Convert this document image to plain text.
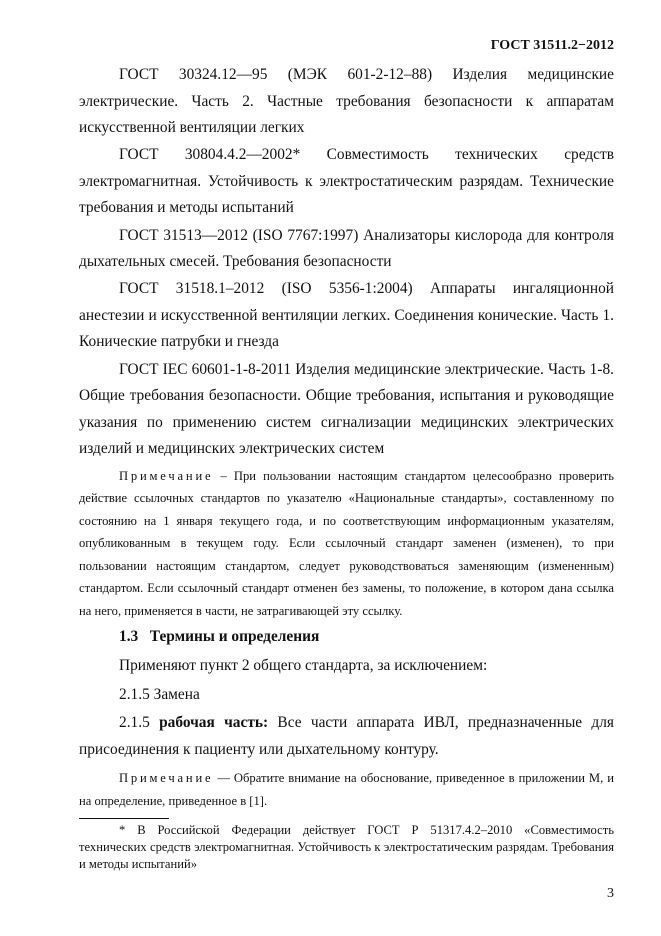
ГОСТ 31511.2−2012

ГОСТ 30324.12—95 (МЭК 601-2-12–88) Изделия медицинские электрические. Часть 2. Частные требования безопасности к аппаратам искусственной вентиляции легких

ГОСТ 30804.4.2—2002* Совместимость технических средств электромагнитная. Устойчивость к электростатическим разрядам. Технические требования и методы испытаний

ГОСТ 31513—2012 (ISO 7767:1997) Анализаторы кислорода для контроля дыхательных смесей. Требования безопасности

ГОСТ 31518.1–2012 (ISO 5356-1:2004) Аппараты ингаляционной анестезии и искусственной вентиляции легких. Соединения конические. Часть 1. Конические патрубки и гнезда

ГОСТ IEC 60601-1-8-2011 Изделия медицинские электрические. Часть 1-8. Общие требования безопасности. Общие требования, испытания и руководящие указания по применению систем сигнализации медицинских электрических изделий и медицинских электрических систем

Примечание – При пользовании настоящим стандартом целесообразно проверить действие ссылочных стандартов по указателю «Национальные стандарты», составленному по состоянию на 1 января текущего года, и по соответствующим информационным указателям, опубликованным в текущем году. Если ссылочный стандарт заменен (изменен), то при пользовании настоящим стандартом, следует руководствоваться заменяющим (измененным) стандартом. Если ссылочный стандарт отменен без замены, то положение, в котором дана ссылка на него, применяется в части, не затрагивающей эту ссылку.

1.3 Термины и определения

Применяют пункт 2 общего стандарта, за исключением:

2.1.5 Замена

2.1.5 рабочая часть: Все части аппарата ИВЛ, предназначенные для присоединения к пациенту или дыхательному контуру.

Примечание — Обратите внимание на обоснование, приведенное в приложении М, и на определение, приведенное в [1].

* В Российской Федерации действует ГОСТ Р 51317.4.2–2010 «Совместимость технических средств электромагнитная. Устойчивость к электростатическим разрядам. Требования и методы испытаний»

3
